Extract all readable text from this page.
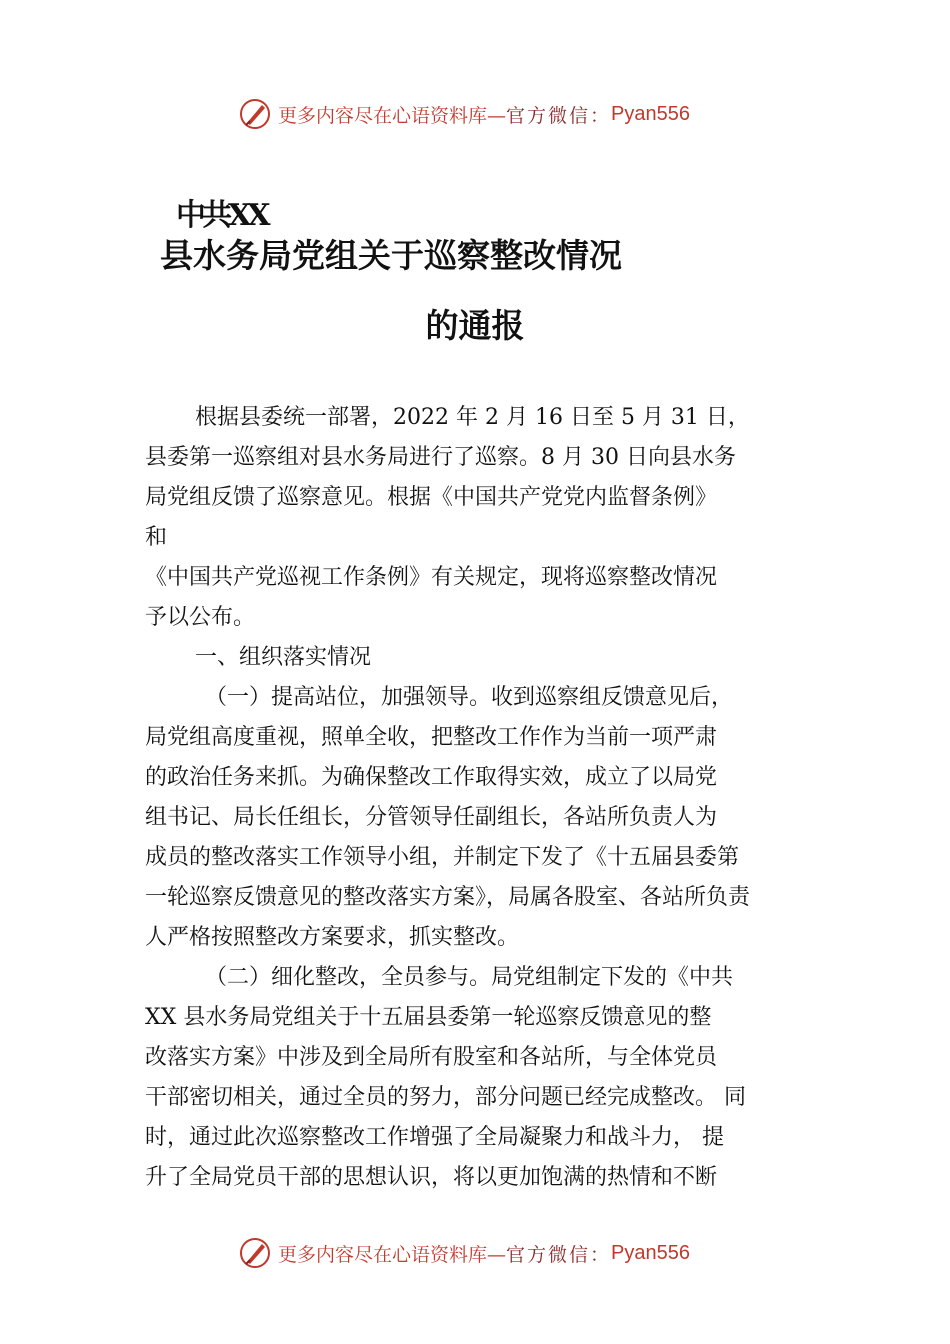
更多内容尽在心语资料库— 官方微信： Pyan556
中共XX
县水务局党组关于巡察整改情况
的通报

根据县委统一部署，2022 年 2 月 16 日至 5 月 31 日，

县委第一巡察组对县水务局进行了巡察。8 月 30 日向县水务

局党组反馈了巡察意见。根据《中国共产党党内监督条例》

和

《中国共产党巡视工作条例》有关规定，现将巡察整改情况

予以公布。

一、组织落实情况

（一）提高站位，加强领导。收到巡察组反馈意见后，

局党组高度重视，照单全收，把整改工作作为当前一项严肃

的政治任务来抓。为确保整改工作取得实效，成立了以局党

组书记、局长任组长，分管领导任副组长，各站所负责人为

成员的整改落实工作领导小组，并制定下发了《十五届县委第

一轮巡察反馈意见的整改落实方案》，局属各股室、各站所负责

人严格按照整改方案要求，抓实整改。

（二）细化整改，全员参与。局党组制定下发的《中共

XX 县水务局党组关于十五届县委第一轮巡察反馈意见的整

改落实方案》中涉及到全局所有股室和各站所，与全体党员

干部密切相关，通过全员的努力，部分问题已经完成整改。 同

时，通过此次巡察整改工作增强了全局凝聚力和战斗力， 提

升了全局党员干部的思想认识，将以更加饱满的热情和不断

更多内容尽在心语资料库— 官方微信： Pyan556
